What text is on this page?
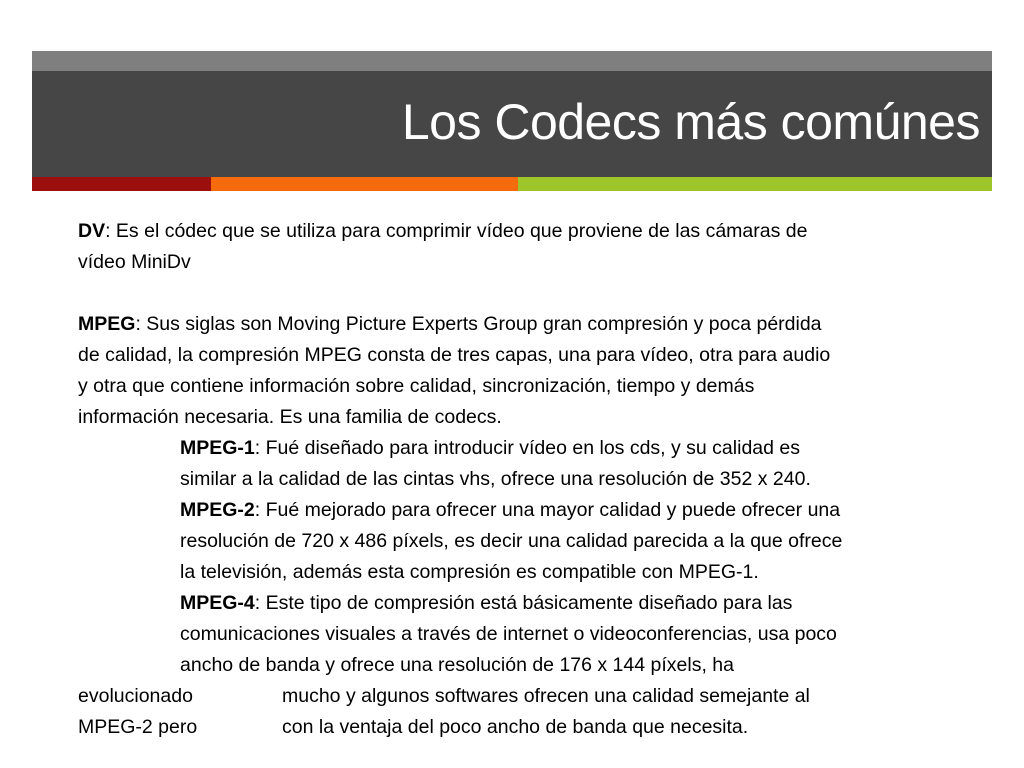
Los Codecs más comúnes
DV: Es el códec que se utiliza para comprimir vídeo que proviene de las cámaras de
vídeo MiniDv
MPEG: Sus siglas son Moving Picture Experts Group gran compresión y poca pérdida
de calidad, la compresión MPEG consta de tres capas, una para vídeo, otra para audio
y otra que contiene información sobre calidad, sincronización, tiempo y demás
información necesaria. Es una familia de codecs.
MPEG-1: Fué diseñado para introducir vídeo en los cds, y su calidad es
similar a la calidad de las cintas vhs, ofrece una resolución de 352 x 240.
MPEG-2: Fué mejorado para ofrecer una mayor calidad y puede ofrecer una
resolución de 720 x 486 píxels, es decir una calidad parecida a la que ofrece
la televisión, además esta compresión es compatible con MPEG-1.
MPEG-4: Este tipo de compresión está básicamente diseñado para las
comunicaciones visuales a través de internet o videoconferencias, usa poco
ancho de banda y ofrece una resolución de 176 x 144 píxels, ha
evolucionado	mucho y algunos softwares ofrecen una calidad semejante al
MPEG-2 pero	con la ventaja del poco ancho de banda que necesita.
